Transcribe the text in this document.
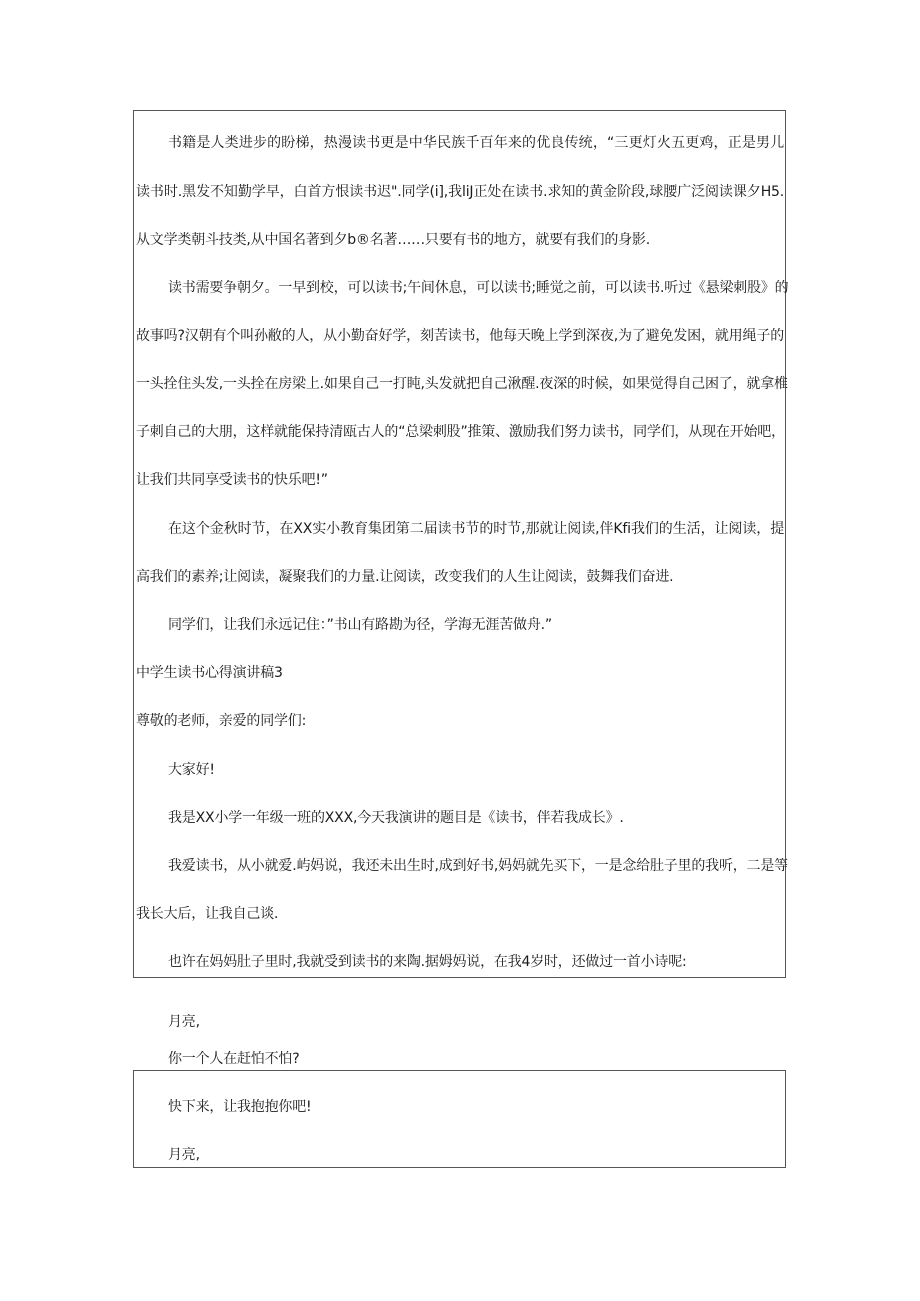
书籍是人类进步的盼梯，热漫读书更是中华民族千百年来的优良传统，“三更灯火五更鸡，正是男儿
读书时.黑发不知勤学早，白首方恨读书迟".同学(i],我liJ正处在读书.求知的黄金阶段,球腰广泛阅读课夕H5.
从文学类朝斗技类,从中国名著到夕b®名著……只要有书的地方，就要有我们的身影.
读书需要争朝夕。一早到校，可以读书;午间休息，可以读书;睡觉之前，可以读书.听过《悬梁刺股》的
故事吗?汉朝有个叫孙敝的人，从小勤奋好学，刻苦读书，他每天晚上学到深夜,为了避免发困，就用绳子的
一头拴住头发,一头拴在房梁上.如果自己一打盹,头发就把自己湫醒.夜深的时候，如果觉得自己困了，就拿椎
子刺自己的大朋，这样就能保持清瓯古人的“总梁刺股”推策、激励我们努力读书，同学们，从现在开始吧，
让我们共同享受读书的快乐吧!”
在这个金秋时节，在XX实小教育集团第二届读书节的时节,那就让阅读,伴Kfi我们的生活，让阅读，提
高我们的素养;让阅读，凝聚我们的力量.让阅读，改变我们的人生让阅读，鼓舞我们奋进.
同学们，让我们永远记住：”书山有路勘为径，学海无涯苦做舟.”
中学生读书心得演讲稿3
尊敬的老师，亲爱的同学们:
大家好!
我是XX小学一年级一班的XXX,今天我演讲的题目是《读书，伴若我成长》.
我爱读书，从小就爱.屿妈说，我还未出生时,成到好书,妈妈就先买下，一是念给肚子里的我听，二是等
我长大后，让我自己谈.
也许在妈妈肚子里时,我就受到读书的来陶.据姆妈说，在我4岁时，还做过一首小诗呢:
月亮,
你一个人在赶怕不怕?
快下来，让我抱抱你吧!
月亮,
